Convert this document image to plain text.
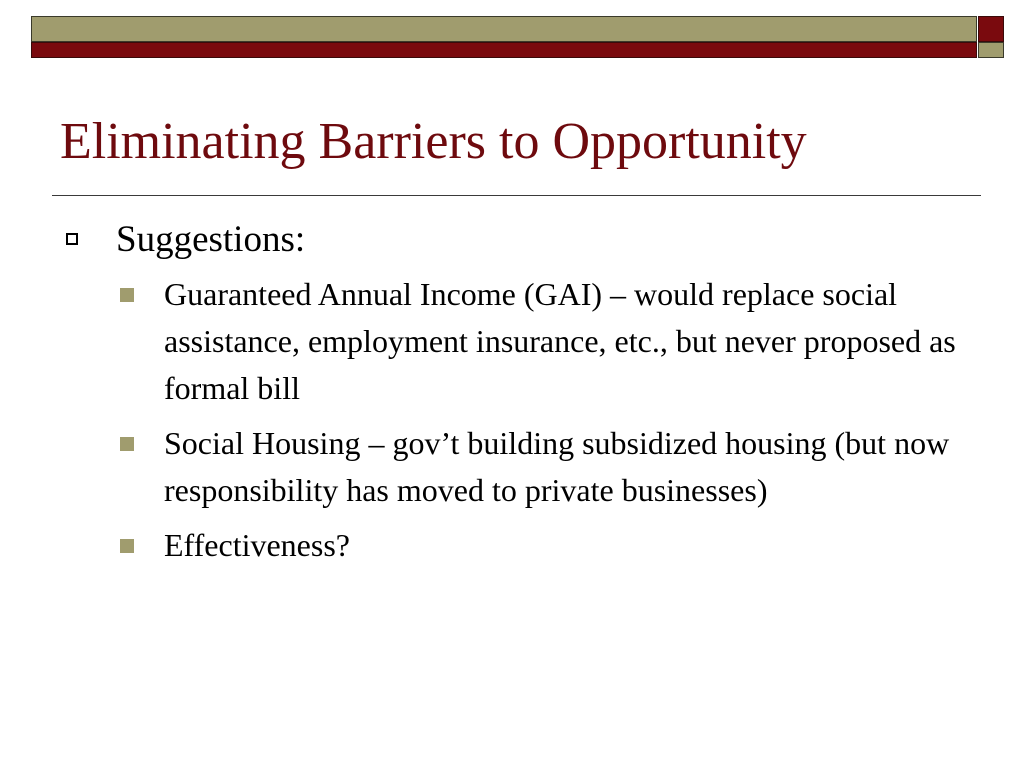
Eliminating Barriers to Opportunity
Suggestions:
Guaranteed Annual Income (GAI) – would replace social assistance, employment insurance, etc., but never proposed as formal bill
Social Housing – gov’t building subsidized housing (but now responsibility has moved to private businesses)
Effectiveness?
